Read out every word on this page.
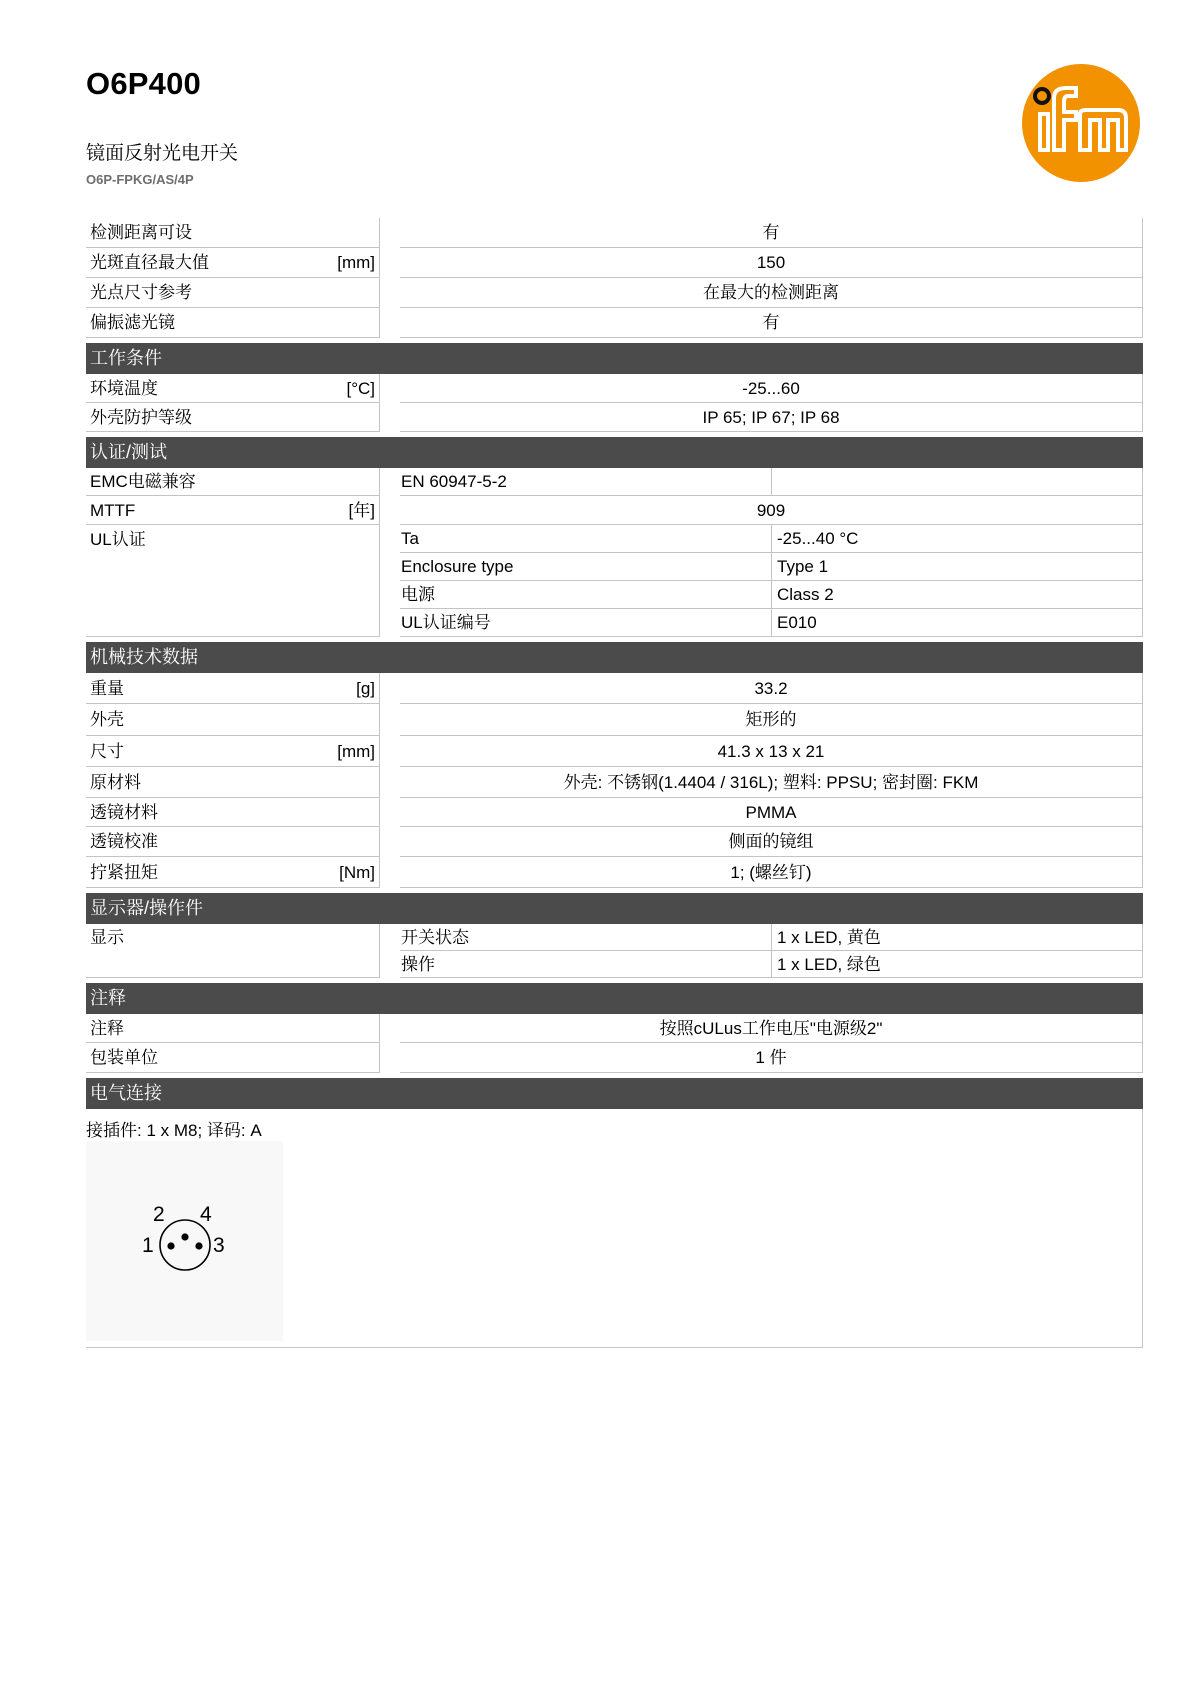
O6P400
镜面反射光电开关
O6P-FPKG/AS/4P
检测距离可设	有
光斑直径最大值	[mm]	150
光点尺寸参考	在最大的检测距离
偏振滤光镜	有
工作条件
环境温度	[°C]	-25...60
外壳防护等级	IP 65; IP 67; IP 68
认证/测试
EMC电磁兼容	EN 60947-5-2
MTTF	[年]	909
UL认证	Ta	-25...40 °C
Enclosure type	Type 1
电源	Class 2
UL认证编号	E010
机械技术数据
重量	[g]	33.2
外壳	矩形的
尺寸	[mm]	41.3 x 13 x 21
原材料	外壳: 不锈钢(1.4404 / 316L); 塑料: PPSU; 密封圈: FKM
透镜材料	PMMA
透镜校准	侧面的镜组
拧紧扭矩	[Nm]	1; (螺丝钉)
显示器/操作件
显示	开关状态	1 x LED, 黄色
操作	1 x LED, 绿色
注释
注释	按照cULus工作电压"电源级2"
包装单位	1 件
电气连接
接插件: 1 x M8; 译码: A
1
2
3
4
